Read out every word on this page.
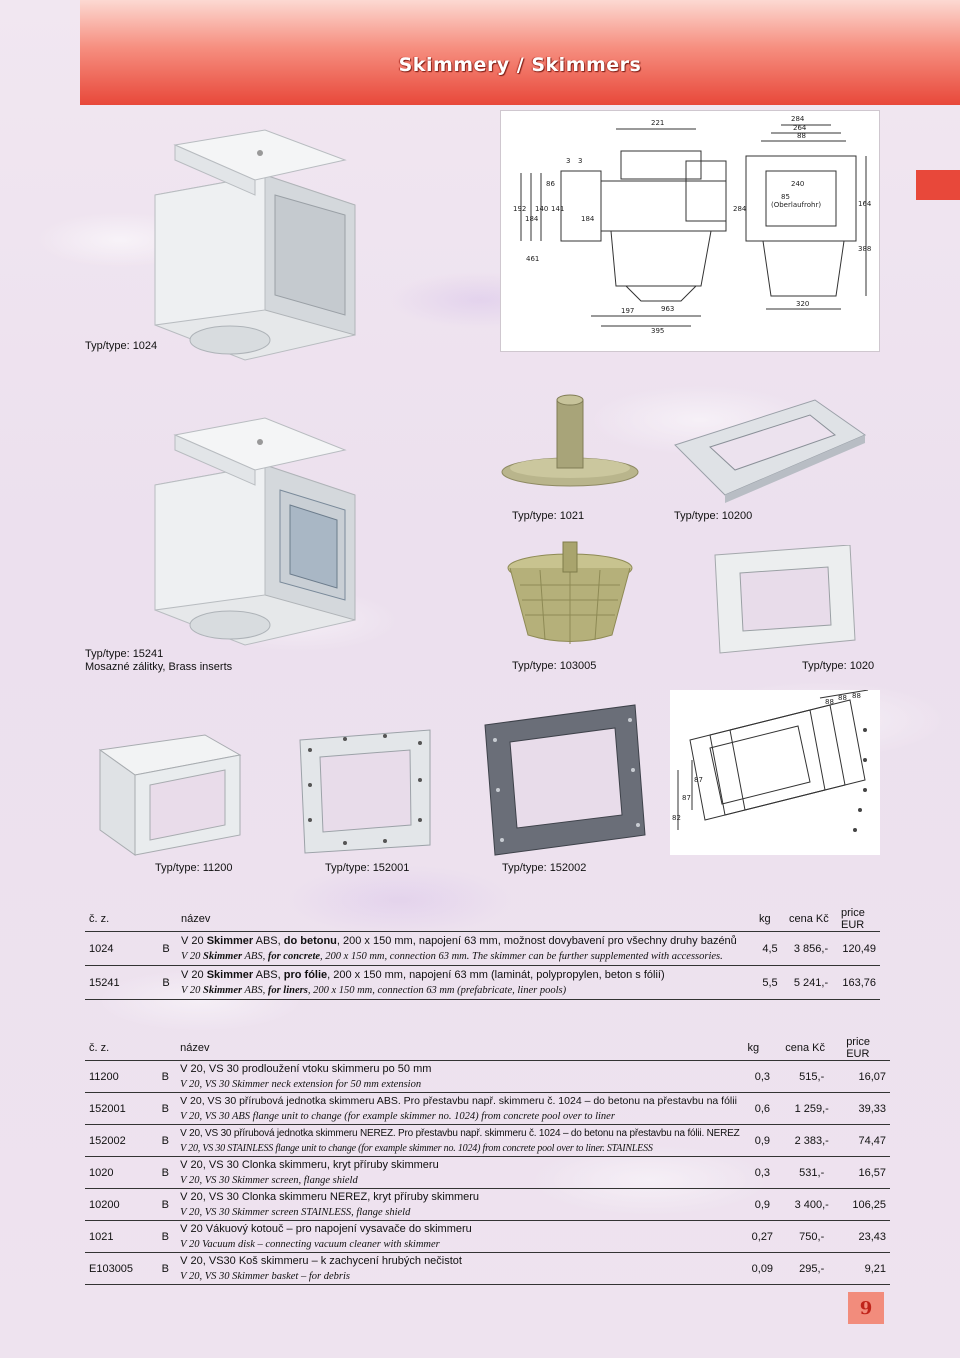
Skimmery / Skimmers
221	284
264
88
3 3
240
85
(Oberlaufrohr)
192
184
140
86
141
184
284
164
388
461
963
320
197
395
Typ/type: 1024
Typ/type: 1021	Typ/type: 10200
Typ/type: 103005	Typ/type: 1020
Typ/type: 15241
Mosazné zálitky, Brass inserts
Typ/type: 11200	Typ/type: 152001	Typ/type: 152002
88 88 88
87
87
82
č. z.		název	kg	cena Kč	price EUR
1024	B	V 20 Skimmer ABS, do betonu, 200 x 150 mm, napojení 63 mm, možnost dovybavení pro všechny druhy bazénů
V 20 Skimmer ABS, for concrete, 200 x 150 mm, connection 63 mm. The skimmer can be further supplemented with accessories.	4,5	3 856,-	120,49
15241	B	V 20 Skimmer ABS, pro fólie, 200 x 150 mm, napojení 63 mm (laminát, polypropylen, beton s fólií)
V 20 Skimmer ABS, for liners, 200 x 150 mm, connection 63 mm (prefabricate, liner pools)	5,5	5 241,-	163,76
č. z.		název	kg	cena Kč	price EUR
11200	B	V 20, VS 30 prodloužení vtoku skimmeru po 50 mm
V 20, VS 30 Skimmer neck extension for 50 mm extension	0,3	515,-	16,07
152001	B	V 20, VS 30 přírubová jednotka skimmeru ABS. Pro přestavbu např. skimmeru č. 1024 – do betonu na přestavbu na fólii
V 20, VS 30 ABS flange unit to change (for example skimmer no. 1024) from concrete pool over to liner	0,6	1 259,-	39,33
152002	B	V 20, VS 30 přírubová jednotka skimmeru NEREZ. Pro přestavbu např. skimmeru č. 1024 – do betonu na přestavbu na fólii. NEREZ
V 20, VS 30 STAINLESS flange unit to change (for example skimmer no. 1024) from concrete pool over to liner. STAINLESS	0,9	2 383,-	74,47
1020	B	V 20, VS 30 Clonka skimmeru, kryt příruby skimmeru
V 20, VS 30 Skimmer screen, flange shield	0,3	531,-	16,57
10200	B	V 20, VS 30 Clonka skimmeru NEREZ, kryt příruby skimmeru
V 20, VS 30 Skimmer screen STAINLESS, flange shield	0,9	3 400,-	106,25
1021	B	V 20 Vákuový kotouč – pro napojení vysavače do skimmeru
V 20 Vacuum disk – connecting vacuum cleaner with skimmer	0,27	750,-	23,43
E103005	B	V 20, VS30 Koš skimmeru – k zachycení hrubých nečistot
V 20, VS 30 Skimmer basket – for debris	0,09	295,-	9,21
9
